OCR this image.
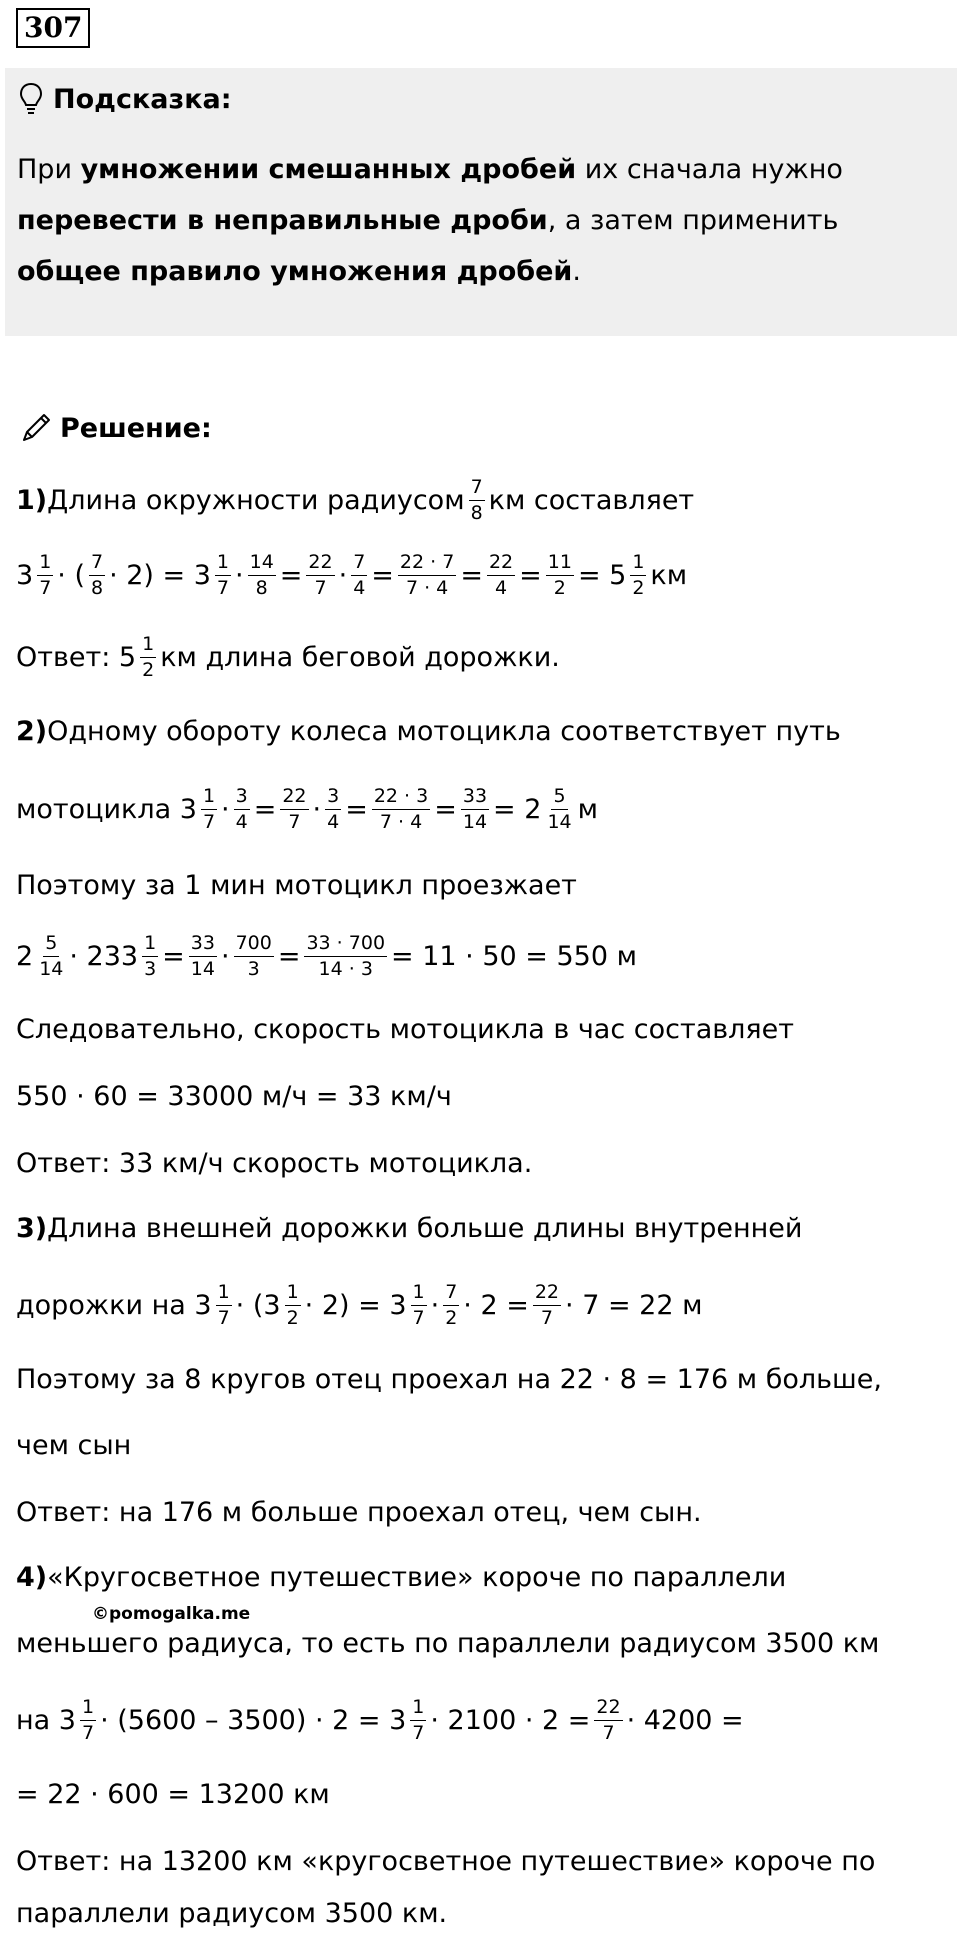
307
Подсказка:
При умножении смешанных дробей их сначала нужно
перевести в неправильные дроби, а затем применить
общее правило умножения дробей.
Решение:
1) Длина окружности радиусом $\frac{7}{8}$ км составляет
$3 \frac{1}{7}$ · ( $\frac{7}{8} \cdot 2) = 3 \frac{1}{7} \cdot \frac{14}{8} = \frac{22}{7} \cdot \frac{7}{4} = \frac{22 \cdot 7}{7 \cdot 4} = \frac{22}{4} = \frac{11}{2} = 5 \frac{1}{2}$ км
Ответ: $5 \frac{1}{2}$ км длина беговой дорожки.
2) Одному обороту колеса мотоцикла соответствует путь
мотоцикла $3 \frac{1}{7} \cdot \frac{3}{4} = \frac{22}{7} \cdot \frac{3}{4} = \frac{22 \cdot 3}{7 \cdot 4} = \frac{33}{14} = 2 \frac{5}{14}$ м
Поэтому за 1 мин мотоцикл проезжает
$2 \frac{5}{14} \cdot 233 \frac{1}{3} = \frac{33}{14} \cdot \frac{700}{3} = \frac{33 \cdot 700}{14 \cdot 3} = 11 \cdot 50 = 550$ м
Следовательно, скорость мотоцикла в час составляет
550 · 60 = 33000 м/ч = 33 км/ч
Ответ: 33 км/ч скорость мотоцикла.
3) Длина внешней дорожки больше длины внутренней
дорожки на $3 \frac{1}{7} \cdot (3 \frac{1}{2} \cdot 2) = 3 \frac{1}{7} \cdot \frac{7}{2} \cdot 2 = \frac{22}{7} \cdot 7 = 22$ м
Поэтому за 8 кругов отец проехал на 22 · 8 = 176 м больше,
чем сын
Ответ: на 176 м больше проехал отец, чем сын.
4) «Кругосветное путешествие» короче по параллели
©pomogalka.me
меньшего радиуса, то есть по параллели радиусом 3500 км
на $3 \frac{1}{7} \cdot (5600 - 3500) \cdot 2 = 3 \frac{1}{7} \cdot 2100 \cdot 2 = \frac{22}{7} \cdot 4200$ =
= 22 · 600 = 13200 км
Ответ: на 13200 км «кругосветное путешествие» короче по
параллели радиусом 3500 км.
